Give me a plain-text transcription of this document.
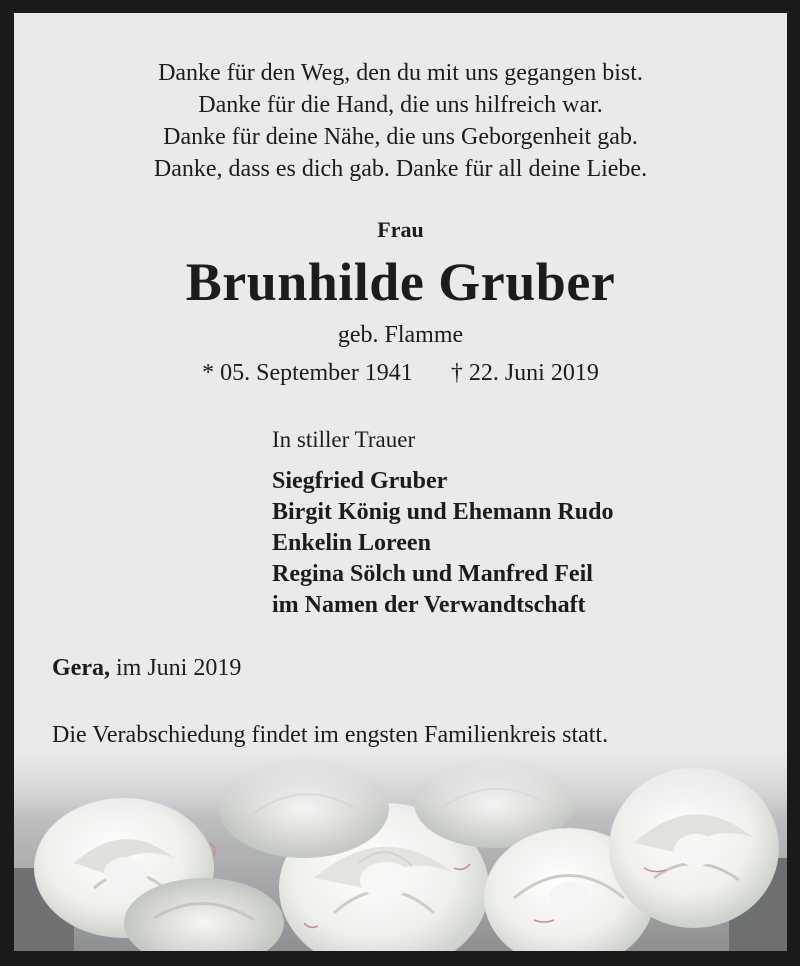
Danke für den Weg, den du mit uns gegangen bist.
Danke für die Hand, die uns hilfreich war.
Danke für deine Nähe, die uns Geborgenheit gab.
Danke, dass es dich gab. Danke für all deine Liebe.
Frau
Brunhilde Gruber
geb. Flamme
* 05. September 1941 † 22. Juni 2019
In stiller Trauer
Siegfried Gruber
Birgit König und Ehemann Rudo
Enkelin Loreen
Regina Sölch und Manfred Feil
im Namen der Verwandtschaft
Gera, im Juni 2019
Die Verabschiedung findet im engsten Familienkreis statt.
